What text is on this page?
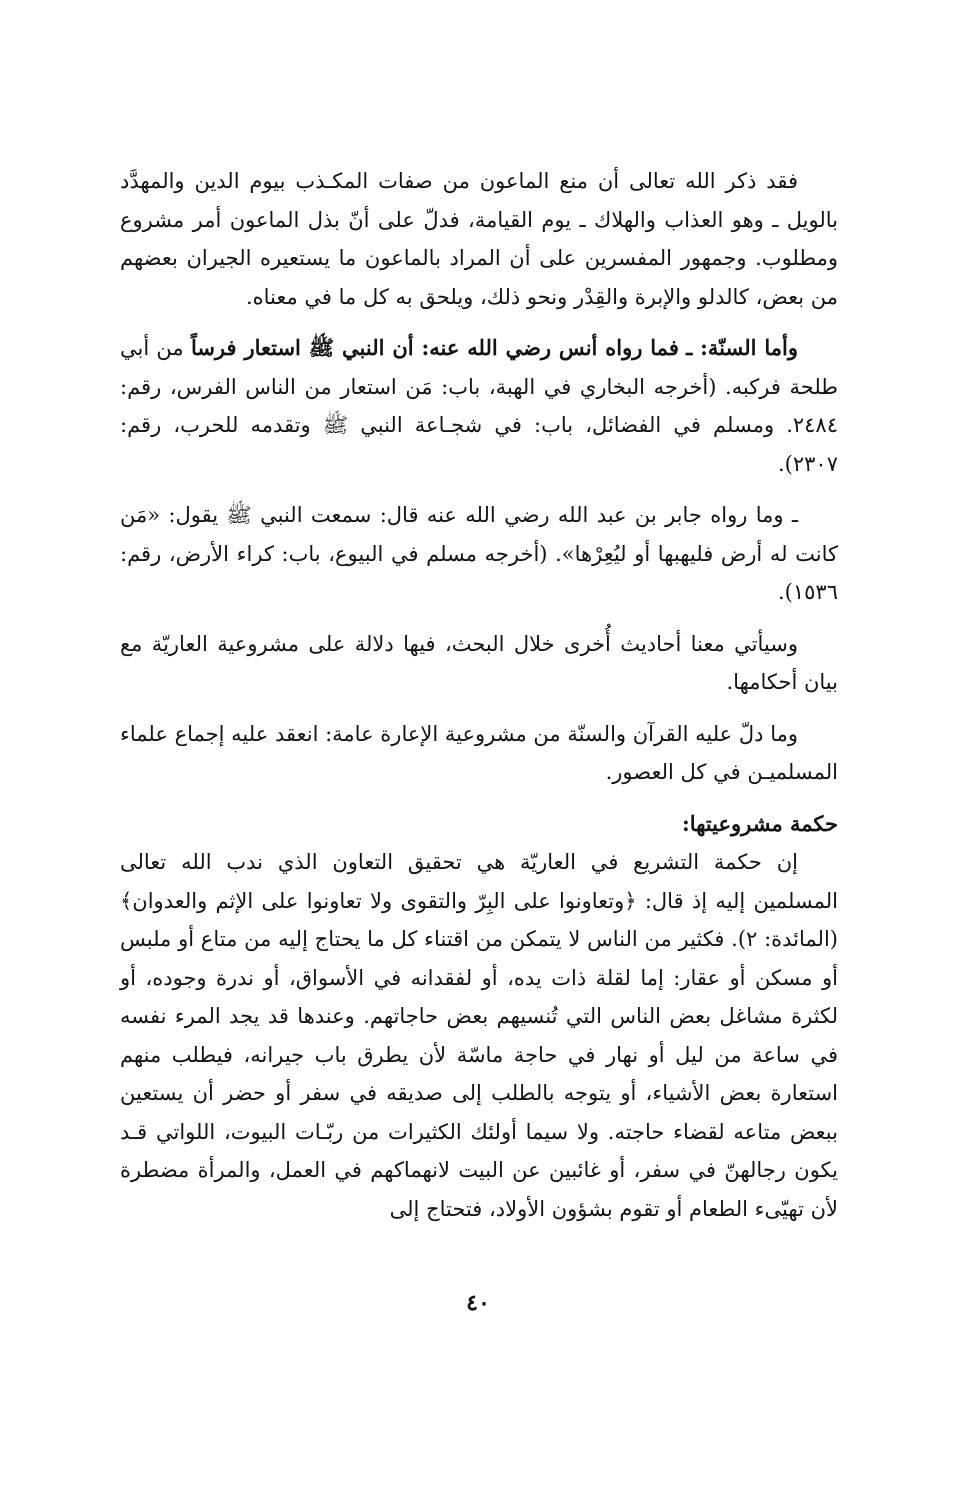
فقد ذكر الله تعالى أن منع الماعون من صفات المكـذب بيوم الدين والمهدَّد بالويل ـ وهو العذاب والهلاك ـ يوم القيامة، فدلّ على أنّ بذل الماعون أمر مشروع ومطلوب. وجمهور المفسرين على أن المراد بالماعون ما يستعيره الجيران بعضهم من بعض، كالدلو والإبرة والقِدْر ونحو ذلك، ويلحق به كل ما في معناه.

وأما السنّة: ـ فما رواه أنس رضي الله عنه: أن النبي ﷺ استعار فرساً من أبي طلحة فركبه. (أخرجه البخاري في الهبة، باب: مَن استعار من الناس الفرس، رقم: ٢٤٨٤. ومسلم في الفضائل، باب: في شجـاعة النبي ﷺ وتقدمه للحرب، رقم: ٢٣٠٧).

ـ وما رواه جابر بن عبد الله رضي الله عنه قال: سمعت النبي ﷺ يقول: «مَن كانت له أرض فليهبها أو ليُعِرْها». (أخرجه مسلم في البيوع، باب: كراء الأرض، رقم: ١٥٣٦).

وسيأتي معنا أحاديث أُخرى خلال البحث، فيها دلالة على مشروعية العاريّة مع بيان أحكامها.

وما دلّ عليه القرآن والسنّة من مشروعية الإعارة عامة: انعقد عليه إجماع علماء المسلميـن في كل العصور.

حكمة مشروعيتها:

إن حكمة التشريع في العاريّة هي تحقيق التعاون الذي ندب الله تعالى المسلمين إليه إذ قال: ﴿وتعاونوا على البِرّ والتقوى ولا تعاونوا على الإثم والعدوان﴾ (المائدة: ٢). فكثير من الناس لا يتمكن من اقتناء كل ما يحتاج إليه من متاع أو ملبس أو مسكن أو عقار: إما لقلة ذات يده، أو لفقدانه في الأسواق، أو ندرة وجوده، أو لكثرة مشاغل بعض الناس التي تُنسيهم بعض حاجاتهم. وعندها قد يجد المرء نفسه في ساعة من ليل أو نهار في حاجة ماسّة لأن يطرق باب جيرانه، فيطلب منهم استعارة بعض الأشياء، أو يتوجه بالطلب إلى صديقه في سفر أو حضر أن يستعين ببعض متاعه لقضاء حاجته. ولا سيما أولئك الكثيرات من ربّـات البيوت، اللواتي قـد يكون رجالهنّ في سفر، أو غائبين عن البيت لانهماكهم في العمل، والمرأة مضطرة لأن تهيّىء الطعام أو تقوم بشؤون الأولاد، فتحتاج إلى

٤٠
